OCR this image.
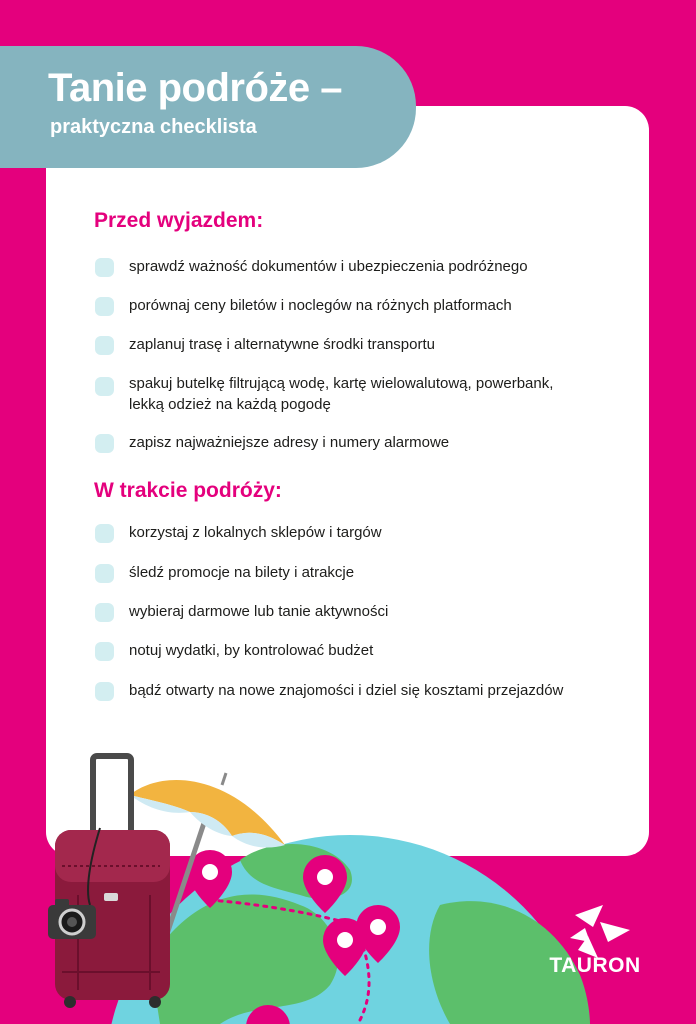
Tanie podróże –
praktyczna checklista
Przed wyjazdem:
sprawdź ważność dokumentów i ubezpieczenia podróżnego
porównaj ceny biletów i noclegów na różnych platformach
zaplanuj trasę i alternatywne środki transportu
spakuj butelkę filtrującą wodę, kartę wielowalutową, powerbank, lekką odzież na każdą pogodę
zapisz najważniejsze adresy i numery alarmowe
W trakcie podróży:
korzystaj z lokalnych sklepów i targów
śledź promocje na bilety i atrakcje
wybieraj darmowe lub tanie aktywności
notuj wydatki, by kontrolować budżet
bądź otwarty na nowe znajomości i dziel się kosztami przejazdów
TAURON
